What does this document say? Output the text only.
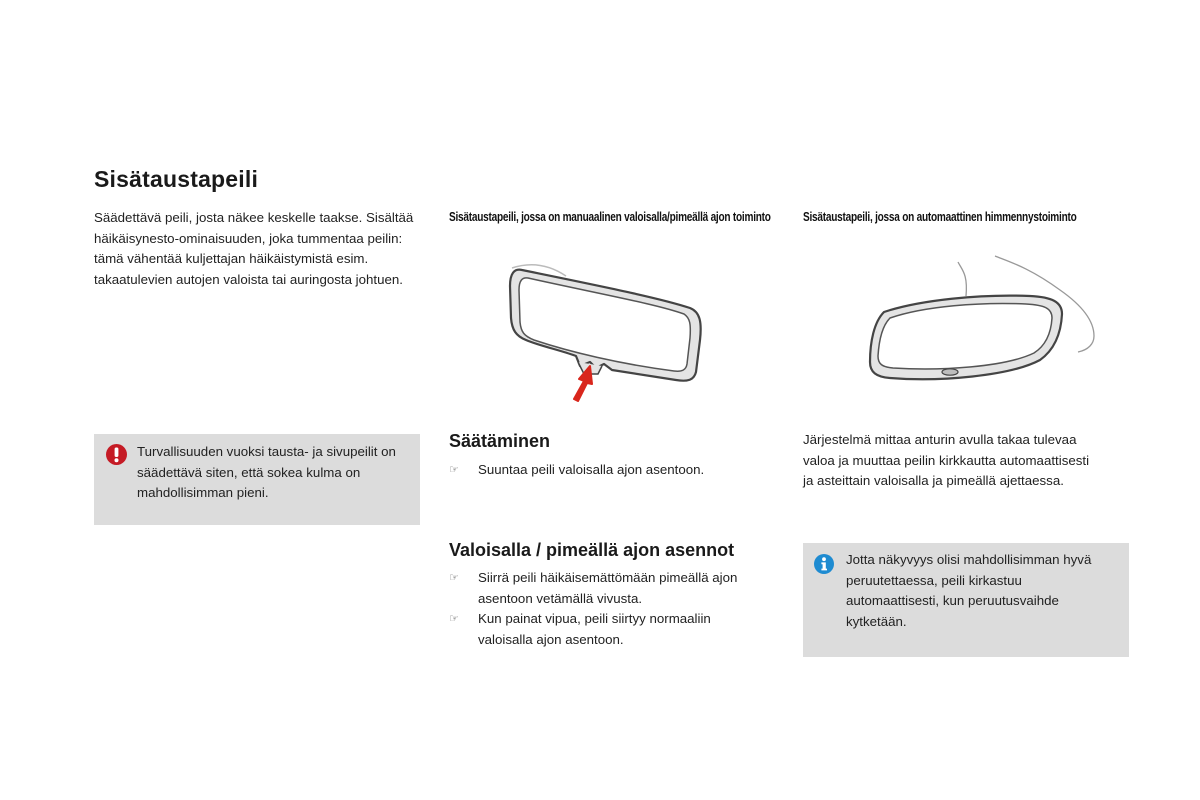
Sisätaustapeili
Säädettävä peili, josta näkee keskelle taakse. Sisältää häikäisynesto-ominaisuuden, joka tummentaa peilin: tämä vähentää kuljettajan häikäistymistä esim. takaatulevien autojen valoista tai auringosta johtuen.
Turvallisuuden vuoksi tausta- ja sivupeilit on säädettävä siten, että sokea kulma on mahdollisimman pieni.
Sisätaustapeili, jossa on manuaalinen valoisalla/pimeällä ajon toiminto
Säätäminen
☞ Suuntaa peili valoisalla ajon asentoon.
Valoisalla / pimeällä ajon asennot
☞ Siirrä peili häikäisemättömään pimeällä ajon asentoon vetämällä vivusta.
☞ Kun painat vipua, peili siirtyy normaaliin valoisalla ajon asentoon.
Sisätaustapeili, jossa on automaattinen himmennystoiminto
Järjestelmä mittaa anturin avulla takaa tulevaa valoa ja muuttaa peilin kirkkautta automaattisesti ja asteittain valoisalla ja pimeällä ajettaessa.
Jotta näkyvyys olisi mahdollisimman hyvä peruutettaessa, peili kirkastuu automaattisesti, kun peruutusvaihde kytketään.
